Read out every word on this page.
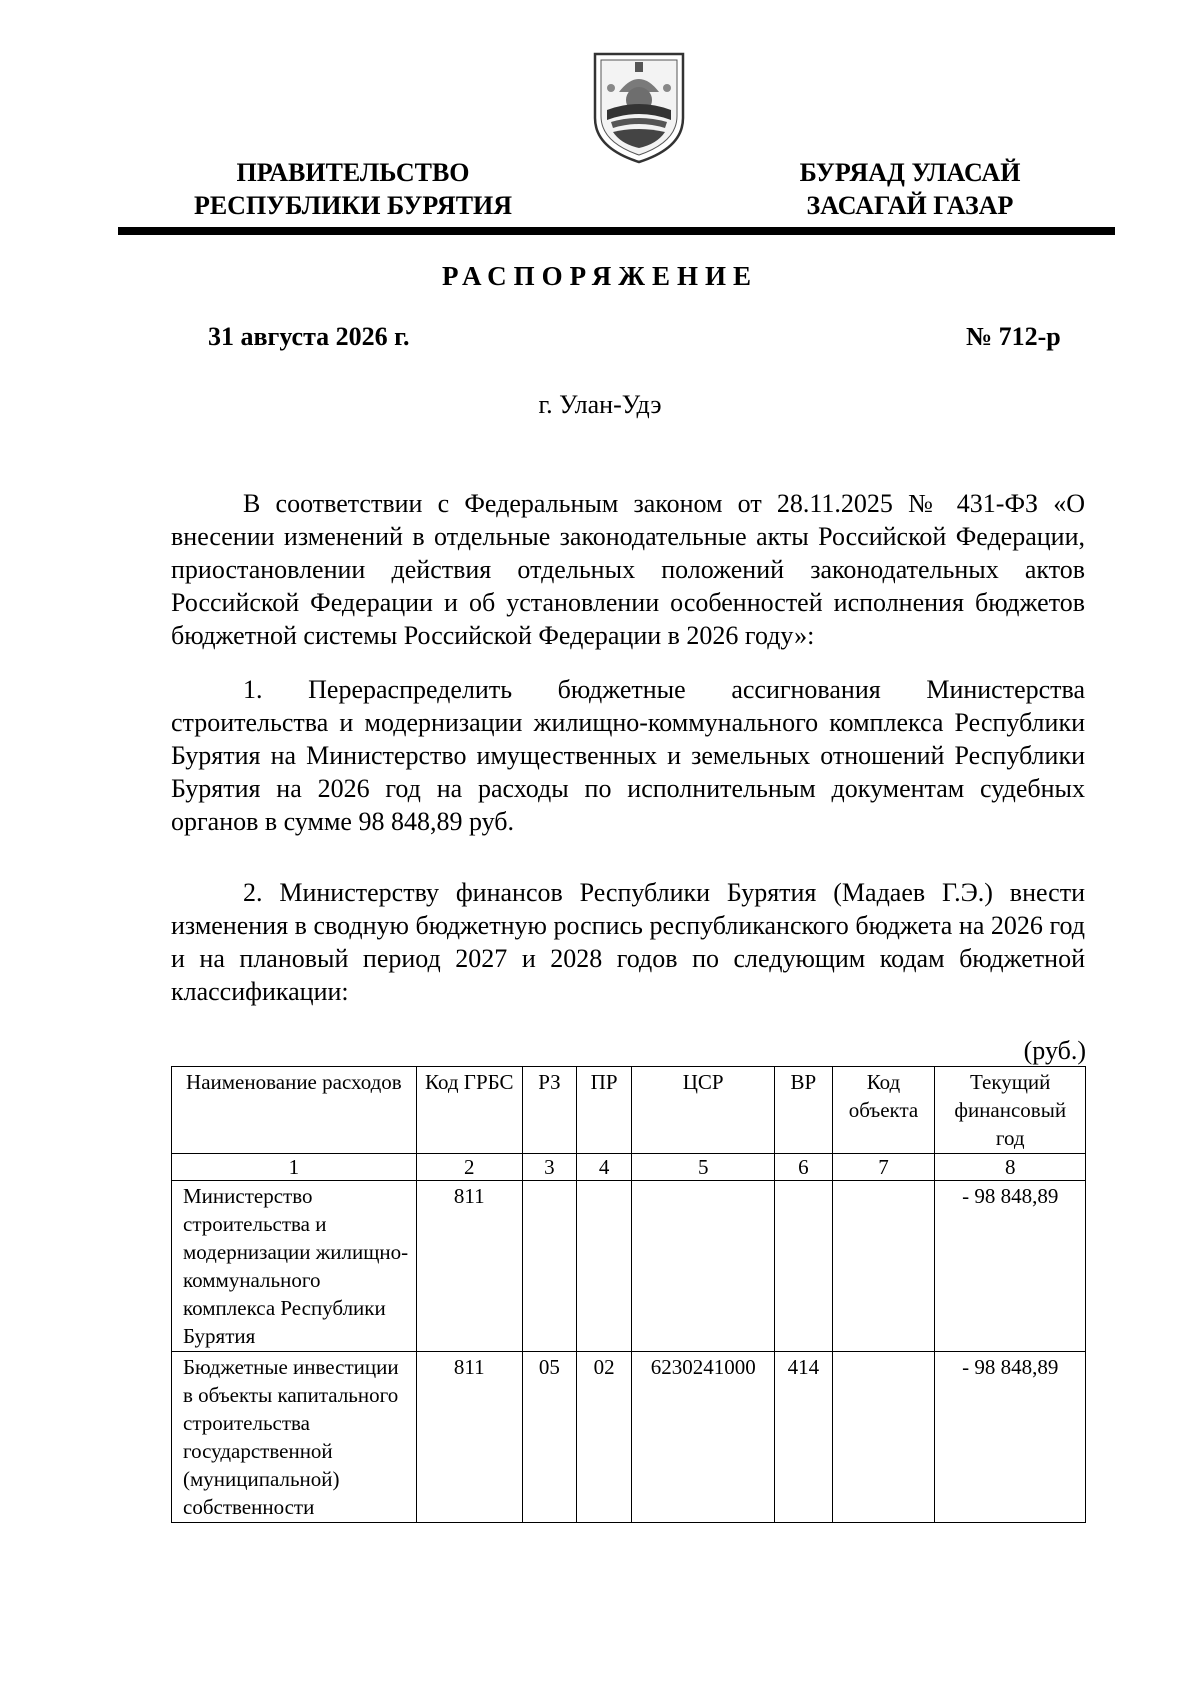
ПРАВИТЕЛЬСТВО
РЕСПУБЛИКИ БУРЯТИЯ
БУРЯАД УЛАСАЙ
ЗАСАГАЙ ГАЗАР
РАСПОРЯЖЕНИЕ
31 августа 2026 г.	№ 712-р
г. Улан-Удэ

В соответствии с Федеральным законом от 28.11.2025 № 431-ФЗ «О внесении изменений в отдельные законодательные акты Российской Федерации, приостановлении действия отдельных положений законодательных актов Российской Федерации и об установлении особенностей исполнения бюджетов бюджетной системы Российской Федерации в 2026 году»:

1. Перераспределить бюджетные ассигнования Министерства строительства и модернизации жилищно-коммунального комплекса Республики Бурятия на Министерство имущественных и земельных отношений Республики Бурятия на 2026 год на расходы по исполнительным документам судебных органов в сумме 98 848,89 руб.

2. Министерству финансов Республики Бурятия (Мадаев Г.Э.) внести изменения в сводную бюджетную роспись республиканского бюджета на 2026 год и на плановый период 2027 и 2028 годов по следующим кодам бюджетной классификации:

(руб.)
Наименование расходов	Код ГРБС	РЗ	ПР	ЦСР	ВР	Код объекта	Текущий финансовый год
1	2	3	4	5	6	7	8
Министерство строительства и модернизации жилищно-коммунального комплекса Республики Бурятия	811						- 98 848,89
Бюджетные инвестиции в объекты капитального строительства государственной (муниципальной) собственности	811	05	02	6230241000	414		- 98 848,89
